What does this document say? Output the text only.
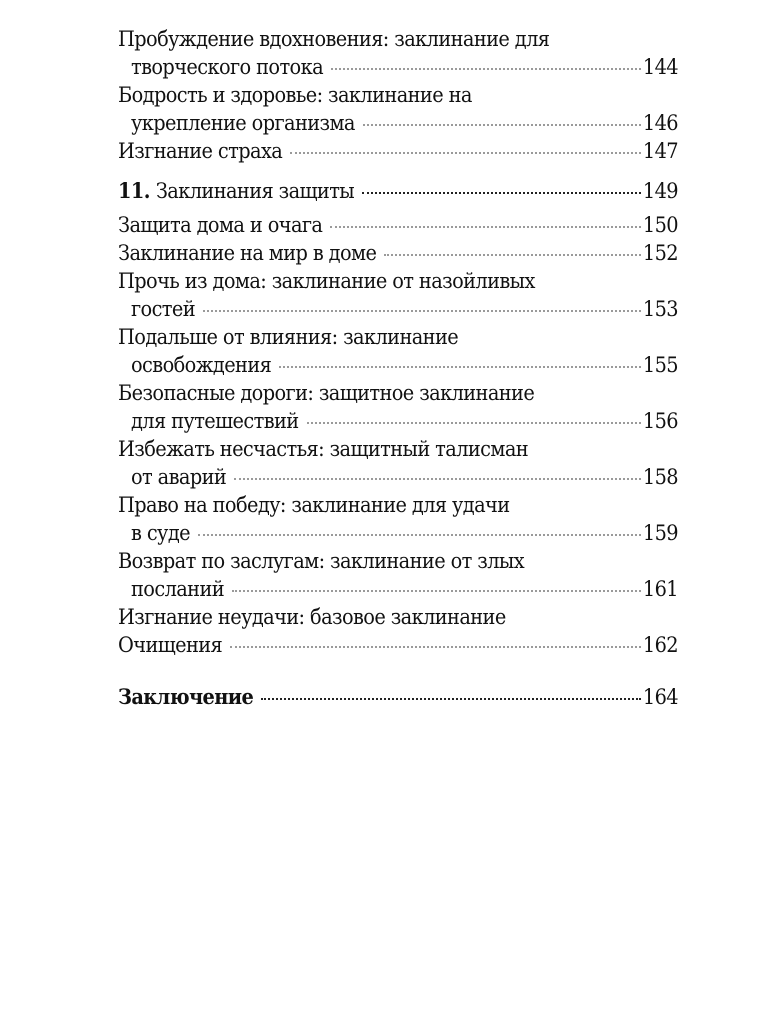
Пробуждение вдохновения: заклинание для
творческого потока	144
Бодрость и здоровье: заклинание на
укрепление организма	146
Изгнание страха	147
11. Заклинания защиты	149
Защита дома и очага	150
Заклинание на мир в доме	152
Прочь из дома: заклинание от назойливых
гостей	153
Подальше от влияния: заклинание
освобождения	155
Безопасные дороги: защитное заклинание
для путешествий	156
Избежать несчастья: защитный талисман
от аварий	158
Право на победу: заклинание для удачи
в суде	159
Возврат по заслугам: заклинание от злых
посланий	161
Изгнание неудачи: базовое заклинание
Очищения	162
Заключение	164
